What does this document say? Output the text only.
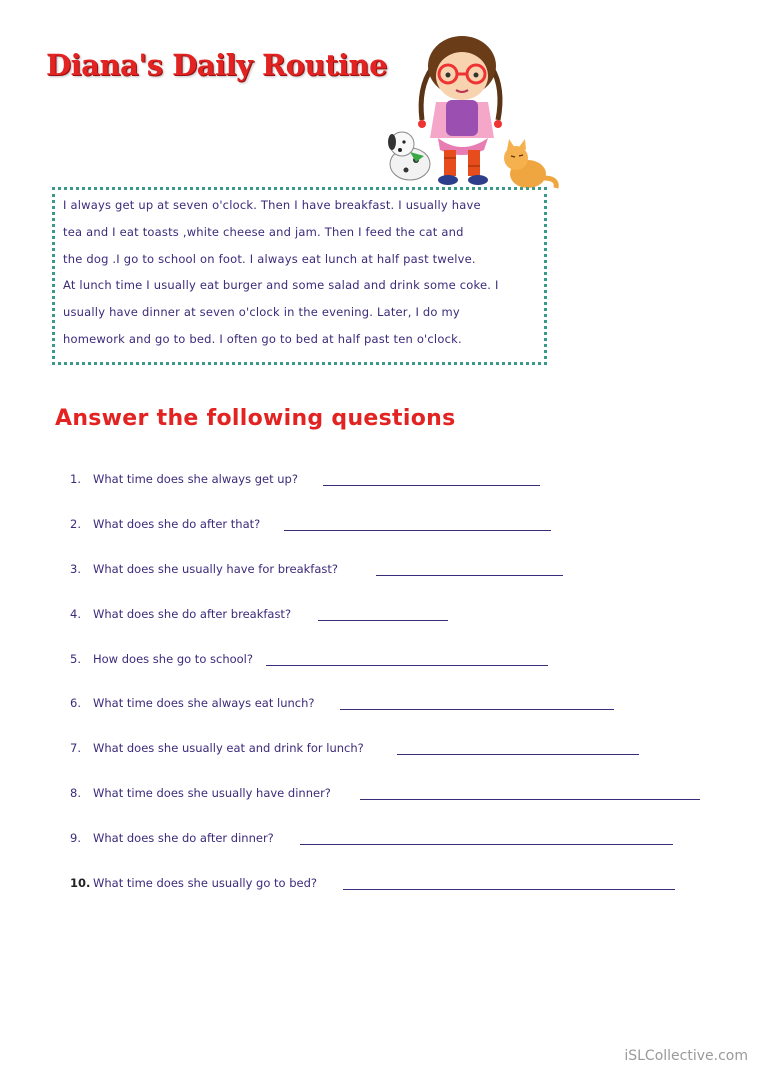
Diana's Daily Routine
I always get up at seven o'clock. Then I have breakfast. I usually have
tea and I eat toasts ,white cheese and jam. Then I feed the cat and
the dog .I go to school on foot. I always eat lunch at half past twelve.
At lunch time I usually eat burger and some salad and drink some coke. I
usually have dinner at seven o'clock in the evening. Later, I do my
homework and go to bed. I often go to bed at half past ten o'clock.
Answer the following questions
1. What time does she always get up?
2. What does she do after that?
3. What does she usually have for breakfast?
4. What does she do after breakfast?
5. How does she go to school?
6. What time does she always eat lunch?
7. What does she usually eat and drink for lunch?
8. What time does she usually have dinner?
9. What does she do after dinner?
10. What time does she usually go to bed?
iSLCollective.com
